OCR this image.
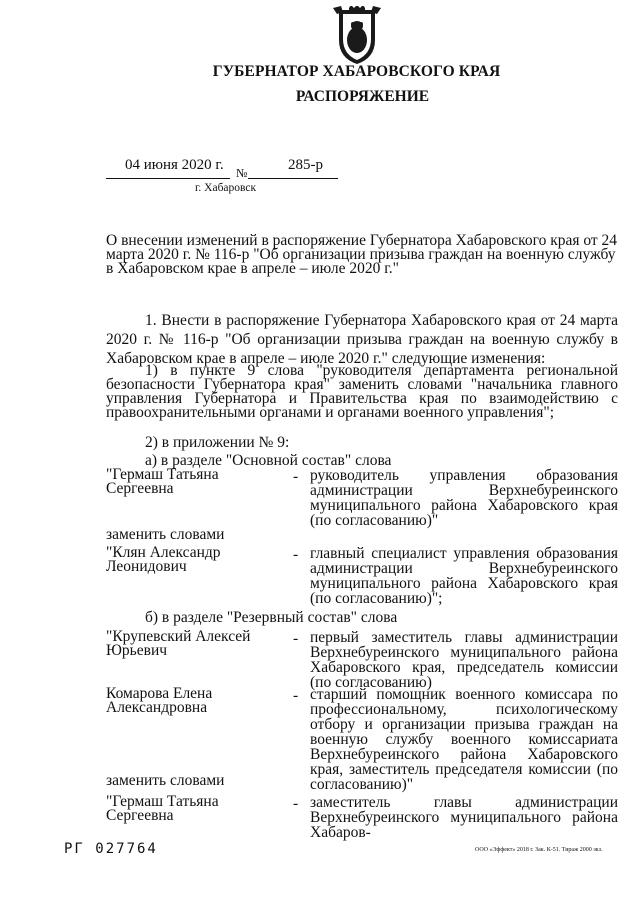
ГУБЕРНАТОР ХАБАРОВСКОГО КРАЯ
РАСПОРЯЖЕНИЕ
04 июня 2020 г. №	285-р
г. Хабаровск
О внесении изменений в распоряжение Губернатора Хабаровского края от 24 марта 2020 г. № 116-р "Об организации призыва граждан на военную службу в Хабаровском крае в апреле – июле 2020 г."
1. Внести в распоряжение Губернатора Хабаровского края от 24 марта 2020 г. № 116-р "Об организации призыва граждан на военную службу в Хабаровском крае в апреле – июле 2020 г." следующие изменения:
1) в пункте 9 слова "руководителя департамента региональной безопасности Губернатора края" заменить словами "начальника главного управления Губернатора и Правительства края по взаимодействию с правоохранительными органами и органами военного управления";
2) в приложении № 9:
а) в разделе "Основной состав" слова
"Гермаш Татьяна Сергеевна
- руководитель управления образования администрации Верхнебуреинского муниципального района Хабаровского края (по согласованию)"
заменить словами
"Клян Александр Леонидович
- главный специалист управления образования администрации Верхнебуреинского муниципального района Хабаровского края (по согласованию)";
б) в разделе "Резервный состав" слова
"Крупевский Алексей Юрьевич
- первый заместитель главы администрации Верхнебуреинского муниципального района Хабаровского края, председатель комиссии (по согласованию)
Комарова Елена Александровна
- старший помощник военного комиссара по профессиональному, психологическому отбору и организации призыва граждан на военную службу военного комиссариата Верхнебуреинского района Хабаровского края, заместитель председателя комиссии (по согласованию)"
заменить словами
"Гермаш Татьяна Сергеевна
- заместитель главы администрации Верхнебуреинского муниципального района Хабаров-
РГ 027764	ООО «Эффект» 2018 г. Зак. К-51. Тираж 2000 экз.
